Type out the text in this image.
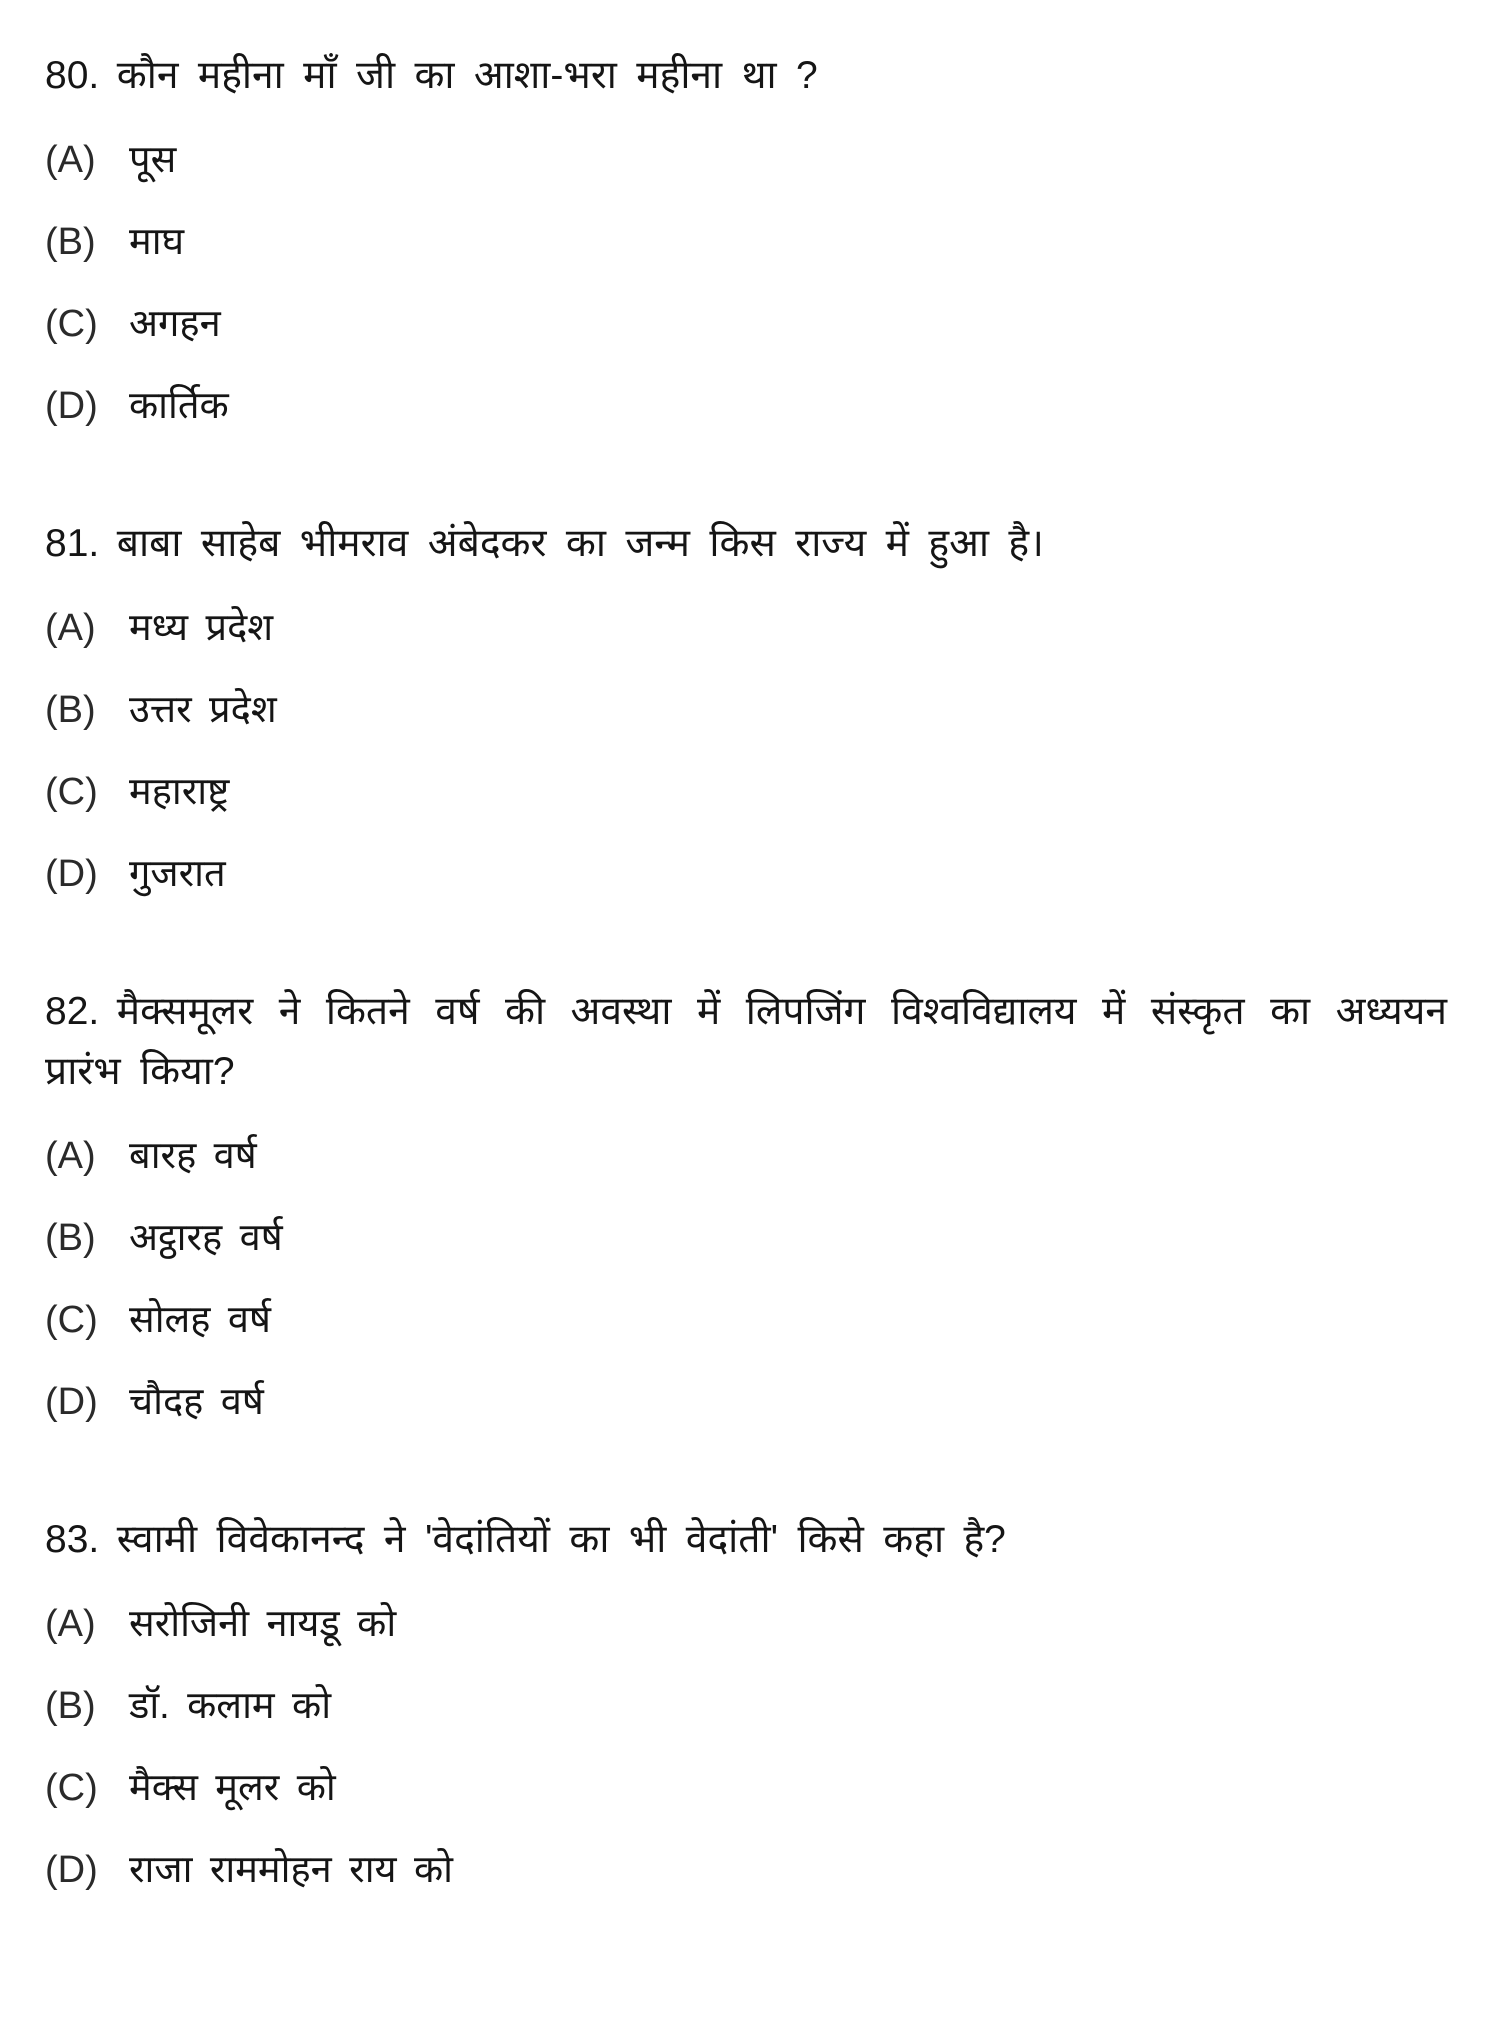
80. कौन महीना माँ जी का आशा-भरा महीना था ?

(A) पूस
(B) माघ
(C) अगहन
(D) कार्तिक

81. बाबा साहेब भीमराव अंबेदकर का जन्म किस राज्य में हुआ है।

(A) मध्य प्रदेश
(B) उत्तर प्रदेश
(C) महाराष्ट्र
(D) गुजरात

82. मैक्समूलर ने कितने वर्ष की अवस्था में लिपजिंग विश्वविद्यालय में संस्कृत का अध्ययन प्रारंभ किया?

(A) बारह वर्ष
(B) अट्ठारह वर्ष
(C) सोलह वर्ष
(D) चौदह वर्ष

83. स्वामी विवेकानन्द ने 'वेदांतियों का भी वेदांती' किसे कहा है?

(A) सरोजिनी नायडू को
(B) डॉ. कलाम को
(C) मैक्स मूलर को
(D) राजा राममोहन राय को
